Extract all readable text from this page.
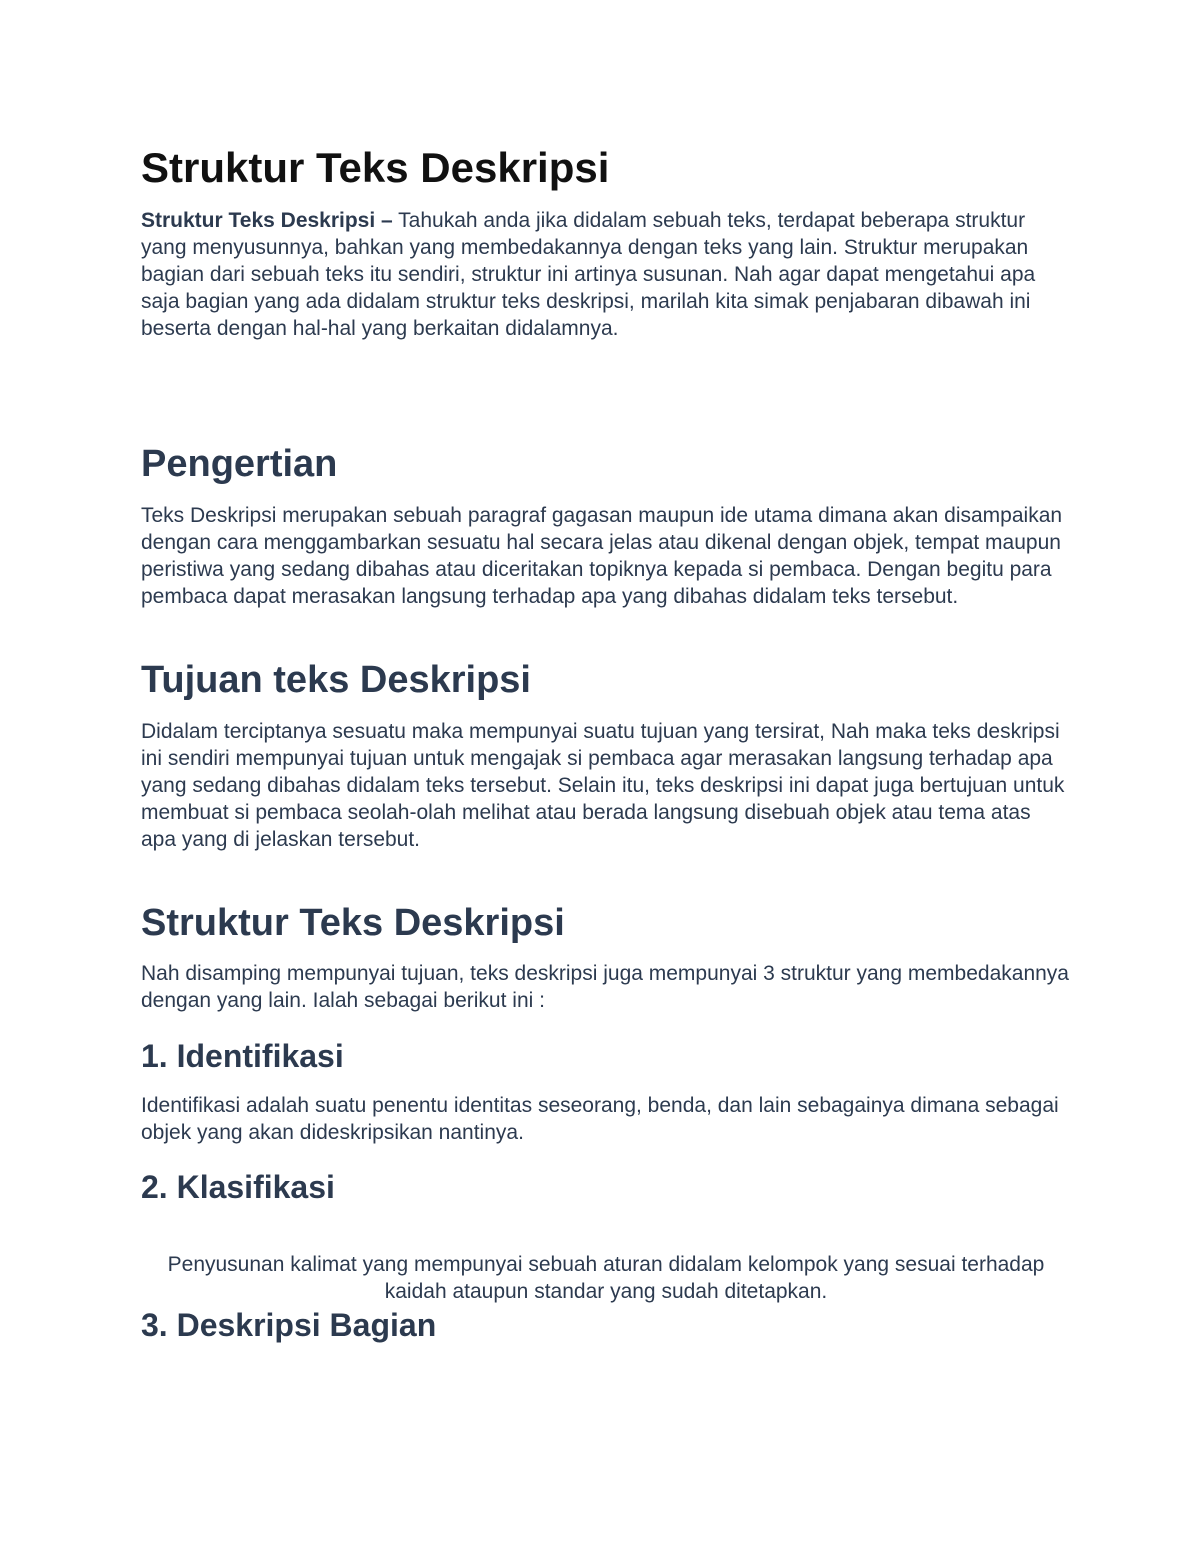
Struktur Teks Deskripsi

Struktur Teks Deskripsi – Tahukah anda jika didalam sebuah teks, terdapat beberapa struktur yang menyusunnya, bahkan yang membedakannya dengan teks yang lain. Struktur merupakan bagian dari sebuah teks itu sendiri, struktur ini artinya susunan. Nah agar dapat mengetahui apa saja bagian yang ada didalam struktur teks deskripsi, marilah kita simak penjabaran dibawah ini beserta dengan hal-hal yang berkaitan didalamnya.

Pengertian

Teks Deskripsi merupakan sebuah paragraf gagasan maupun ide utama dimana akan disampaikan dengan cara menggambarkan sesuatu hal secara jelas atau dikenal dengan objek, tempat maupun peristiwa yang sedang dibahas atau diceritakan topiknya kepada si pembaca. Dengan begitu para pembaca dapat merasakan langsung terhadap apa yang dibahas didalam teks tersebut.

Tujuan teks Deskripsi

Didalam terciptanya sesuatu maka mempunyai suatu tujuan yang tersirat, Nah maka teks deskripsi ini sendiri mempunyai tujuan untuk mengajak si pembaca agar merasakan langsung terhadap apa yang sedang dibahas didalam teks tersebut. Selain itu, teks deskripsi ini dapat juga bertujuan untuk membuat si pembaca seolah-olah melihat atau berada langsung disebuah objek atau tema atas apa yang di jelaskan tersebut.

Struktur Teks Deskripsi

Nah disamping mempunyai tujuan, teks deskripsi juga mempunyai 3 struktur yang membedakannya dengan yang lain. Ialah sebagai berikut ini :

1. Identifikasi

Identifikasi adalah suatu penentu identitas seseorang, benda, dan lain sebagainya dimana sebagai objek yang akan dideskripsikan nantinya.

2. Klasifikasi

Penyusunan kalimat yang mempunyai sebuah aturan didalam kelompok yang sesuai terhadap kaidah ataupun standar yang sudah ditetapkan.

3. Deskripsi Bagian
